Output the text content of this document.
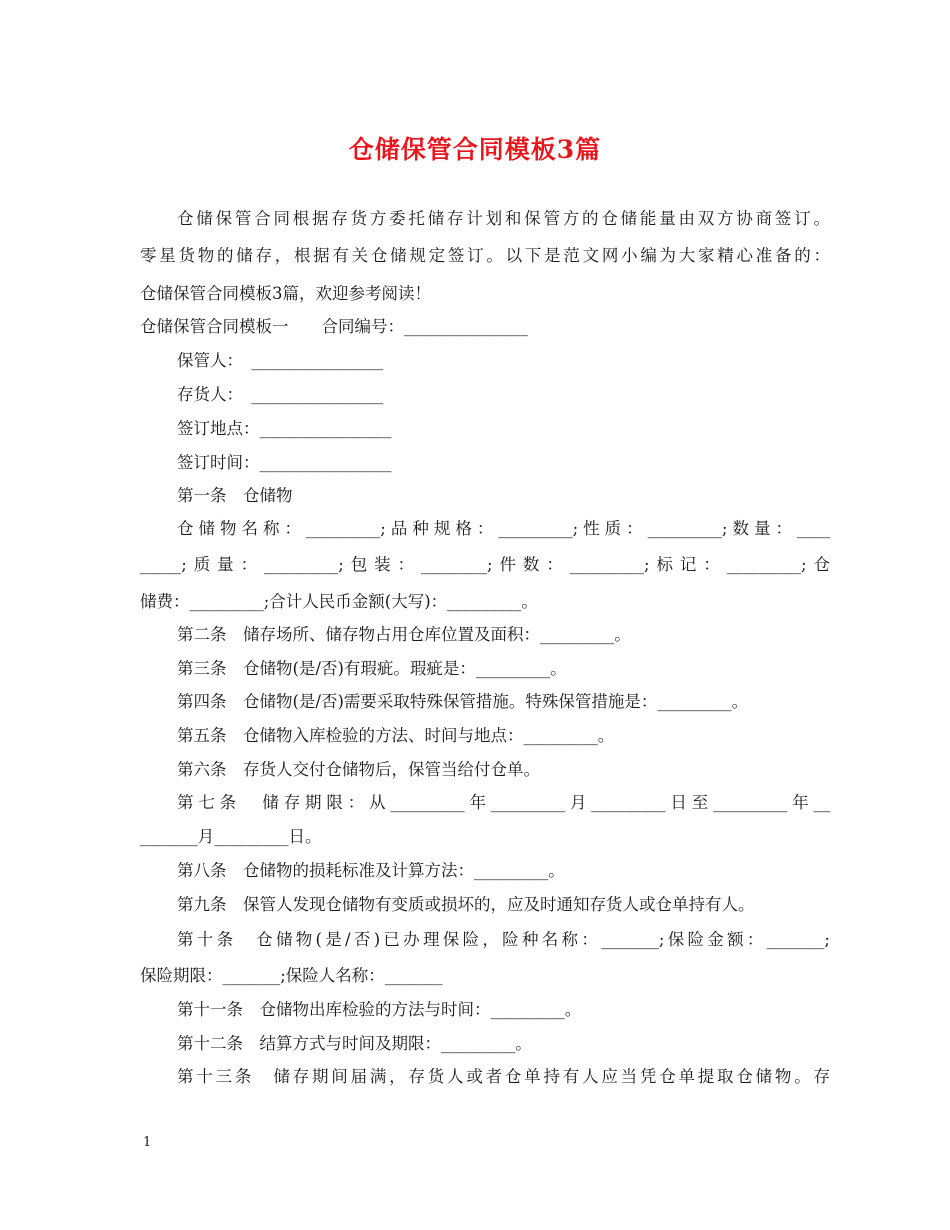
仓储保管合同模板3篇
仓储保管合同根据存货方委托储存计划和保管方的仓储能量由双方协商签订。
零星货物的储存，根据有关仓储规定签订。以下是范文网小编为大家精心准备的：
仓储保管合同模板3篇，欢迎参考阅读！
仓储保管合同模板一　　合同编号：_______________
保管人：　________________
存货人：　________________
签订地点：________________
签订时间：________________
第一条　仓储物
仓储物名称：_________;品种规格：_________;性质：_________;数量：____
_____;质量：_________;包装：________;件数：_________;标记：_________;仓
储费：_________;合计人民币金额(大写)：_________。
第二条　储存场所、储存物占用仓库位置及面积：_________。
第三条　仓储物(是/否)有瑕疵。瑕疵是：_________。
第四条　仓储物(是/否)需要采取特殊保管措施。特殊保管措施是：_________。
第五条　仓储物入库检验的方法、时间与地点：_________。
第六条　存货人交付仓储物后，保管当给付仓单。
第七条　储存期限：从_________年_________月_________日至_________年__
_______月_________日。
第八条　仓储物的损耗标准及计算方法：_________。
第九条　保管人发现仓储物有变质或损坏的，应及时通知存货人或仓单持有人。
第十条　仓储物(是/否)已办理保险，险种名称：_______;保险金额：_______;
保险期限：_______;保险人名称：_______
第十一条　仓储物出库检验的方法与时间：_________。
第十二条　结算方式与时间及期限：_________。
第十三条　储存期间届满，存货人或者仓单持有人应当凭仓单提取仓储物。存
1
